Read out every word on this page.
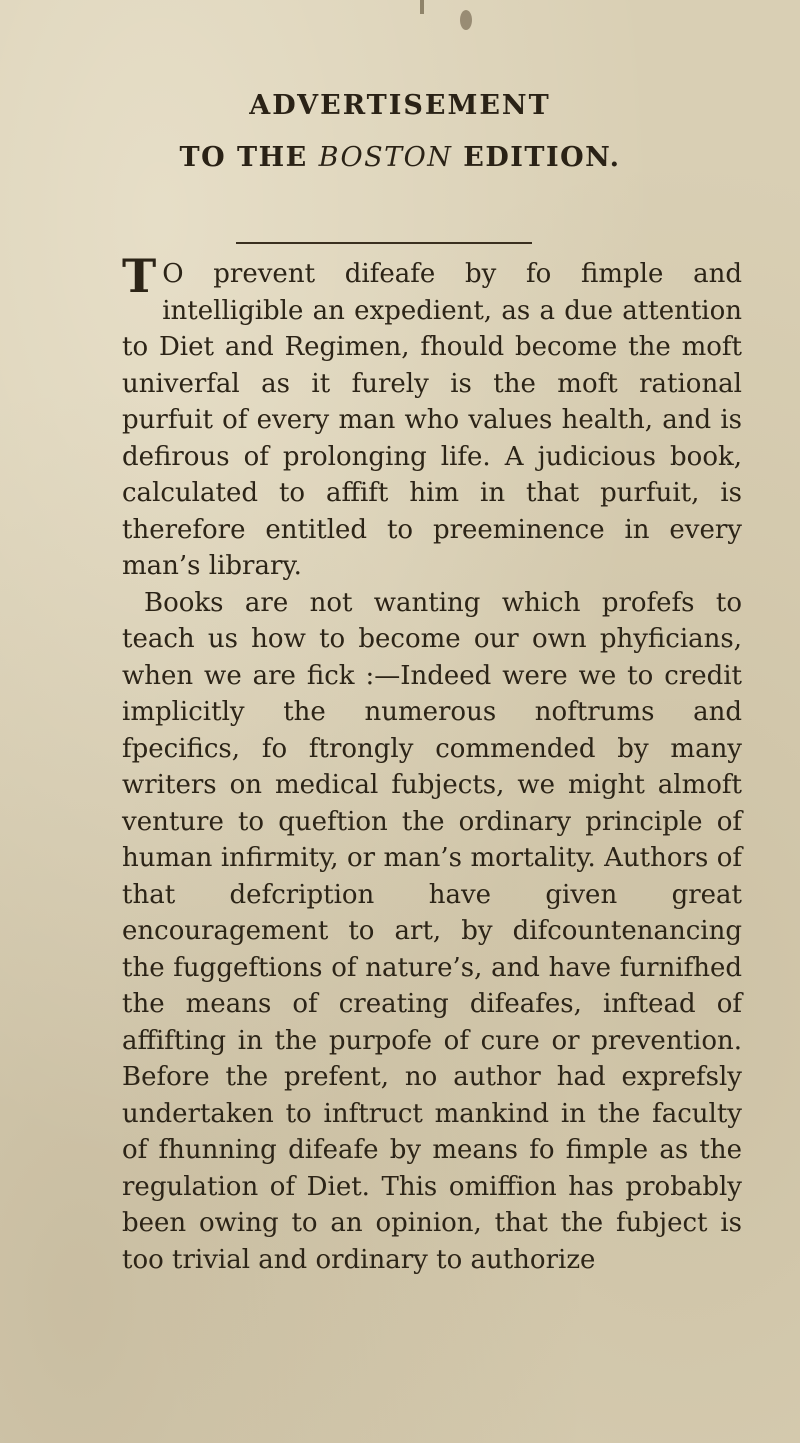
ADVERTISEMENT
TO THE BOSTON EDITION.

T O prevent difeafe by fo fimple and intelligible an expedient, as a due attention to Diet and Regimen, fhould become the moft univerfal as it furely is the moft rational purfuit of every man who values health, and is defirous of prolonging life. A judicious book, calculated to affift him in that purfuit, is therefore entitled to preeminence in every man’s library.

Books are not wanting which profefs to teach us how to become our own phyficians, when we are fick :—Indeed were we to credit implicitly the numerous noftrums and fpecifics, fo ftrongly commended by many writers on medical fubjects, we might almoft venture to queftion the ordinary principle of human infirmity, or man’s mortality. Authors of that defcription have given great encouragement to art, by difcountenancing the fuggeftions of nature’s, and have furnifhed the means of creating difeafes, inftead of affifting in the purpofe of cure or prevention. Before the prefent, no author had exprefsly undertaken to inftruct mankind in the faculty of fhunning difeafe by means fo fimple as the regulation of Diet. This omiffion has probably been owing to an opinion, that the fubject is too trivial and ordinary to authorize
